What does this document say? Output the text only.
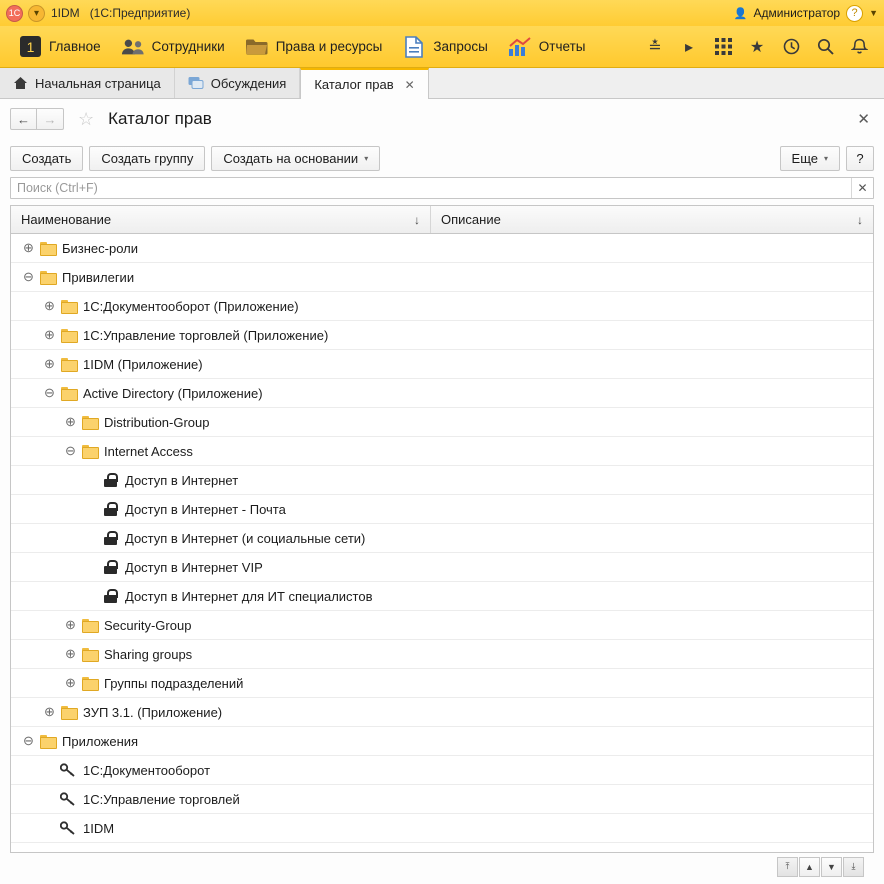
1C	▾ 1IDM (1С:Предприятие)	👤 Администратор	?	▼
1 Главное	Сотрудники	Права и ресурсы	Запросы	Отчеты	≛	▸	★
Начальная страница	Обсуждения Каталог прав ✕
←	→	☆ Каталог прав	✕
Создать Создать группу Создать на основании ▾	Еще ▾ ?
Поиск (Ctrl+F)
✕
Наименование	↓ Описание	↓
⊕ Бизнес-роли
⊖ Привилегии
⊕ 1С:Документооборот (Приложение)
⊕ 1С:Управление торговлей (Приложение)
⊕ 1IDM (Приложение)
⊖ Active Directory (Приложение)
⊕ Distribution-Group
⊖ Internet Access
Доступ в Интернет
Доступ в Интернет - Почта
Доступ в Интернет (и социальные сети)
Доступ в Интернет VIP
Доступ в Интернет для ИТ специалистов
⊕ Security-Group
⊕ Sharing groups
⊕ Группы подразделений
⊕ ЗУП 3.1. (Приложение)
⊖ Приложения
1С:Документооборот
1С:Управление торговлей
1IDM
⤒	▲	▼	⤓
